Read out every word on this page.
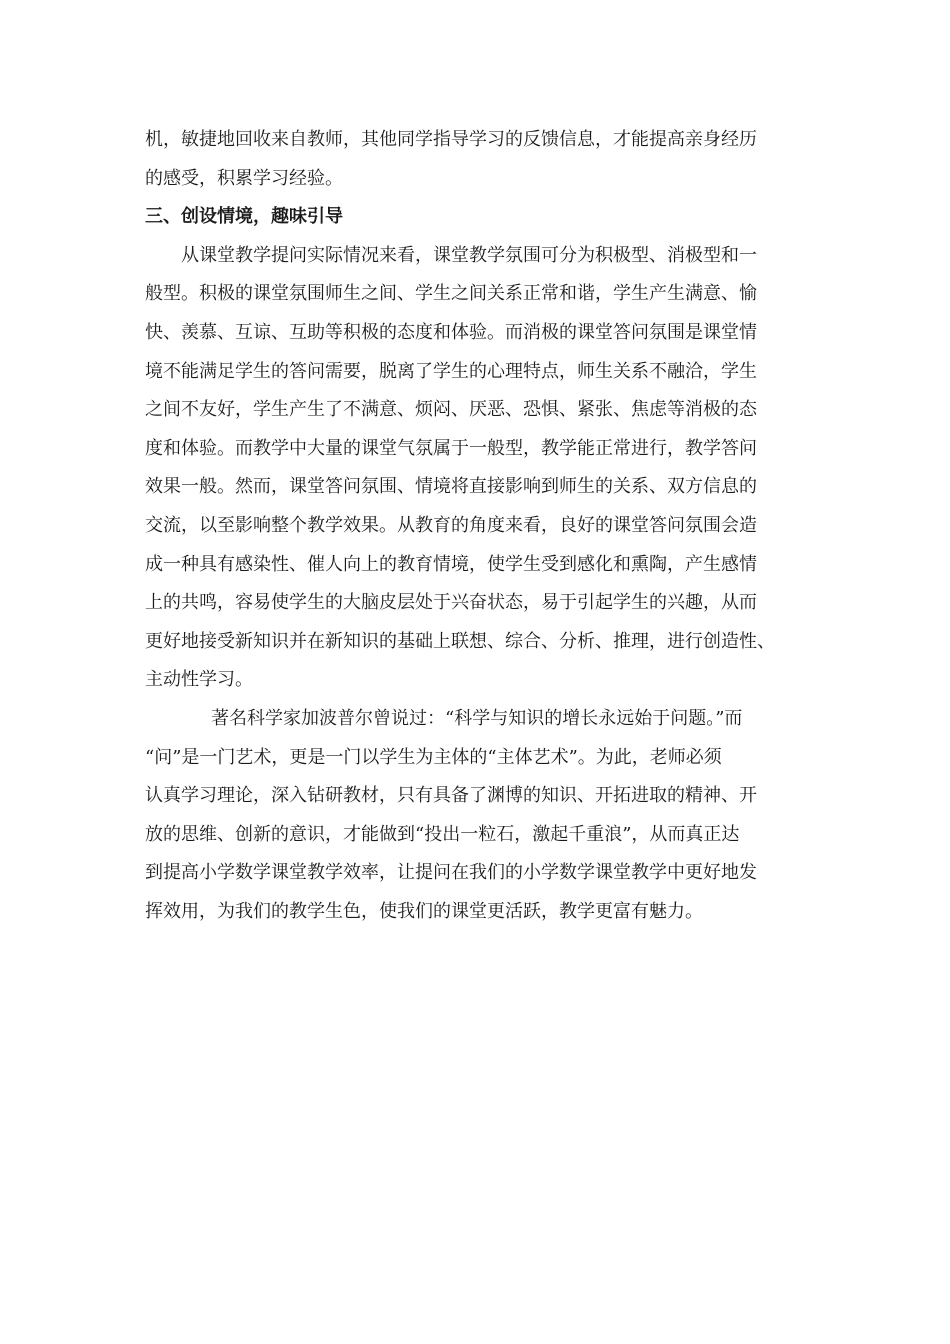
机，敏捷地回收来自教师，其他同学指导学习的反馈信息，才能提高亲身经历
的感受，积累学习经验。
三、创设情境，趣味引导
从课堂教学提问实际情况来看，课堂教学氛围可分为积极型、消极型和一
般型。积极的课堂氛围师生之间、学生之间关系正常和谐，学生产生满意、愉
快、羡慕、互谅、互助等积极的态度和体验。而消极的课堂答问氛围是课堂情
境不能满足学生的答问需要，脱离了学生的心理特点，师生关系不融洽，学生
之间不友好，学生产生了不满意、烦闷、厌恶、恐惧、紧张、焦虑等消极的态
度和体验。而教学中大量的课堂气氛属于一般型，教学能正常进行，教学答问
效果一般。然而，课堂答问氛围、情境将直接影响到师生的关系、双方信息的
交流，以至影响整个教学效果。从教育的角度来看，良好的课堂答问氛围会造
成一种具有感染性、催人向上的教育情境，使学生受到感化和熏陶，产生感情
上的共鸣，容易使学生的大脑皮层处于兴奋状态，易于引起学生的兴趣，从而
更好地接受新知识并在新知识的基础上联想、综合、分析、推理，进行创造性、
主动性学习。
著名科学家加波普尔曾说过：“科学与知识的增长永远始于问题。”而
“问”是一门艺术，更是一门以学生为主体的“主体艺术”。为此，老师必须
认真学习理论，深入钻研教材，只有具备了渊博的知识、开拓进取的精神、开
放的思维、创新的意识，才能做到“投出一粒石，激起千重浪”，从而真正达
到提高小学数学课堂教学效率，让提问在我们的小学数学课堂教学中更好地发
挥效用，为我们的教学生色，使我们的课堂更活跃，教学更富有魅力。
